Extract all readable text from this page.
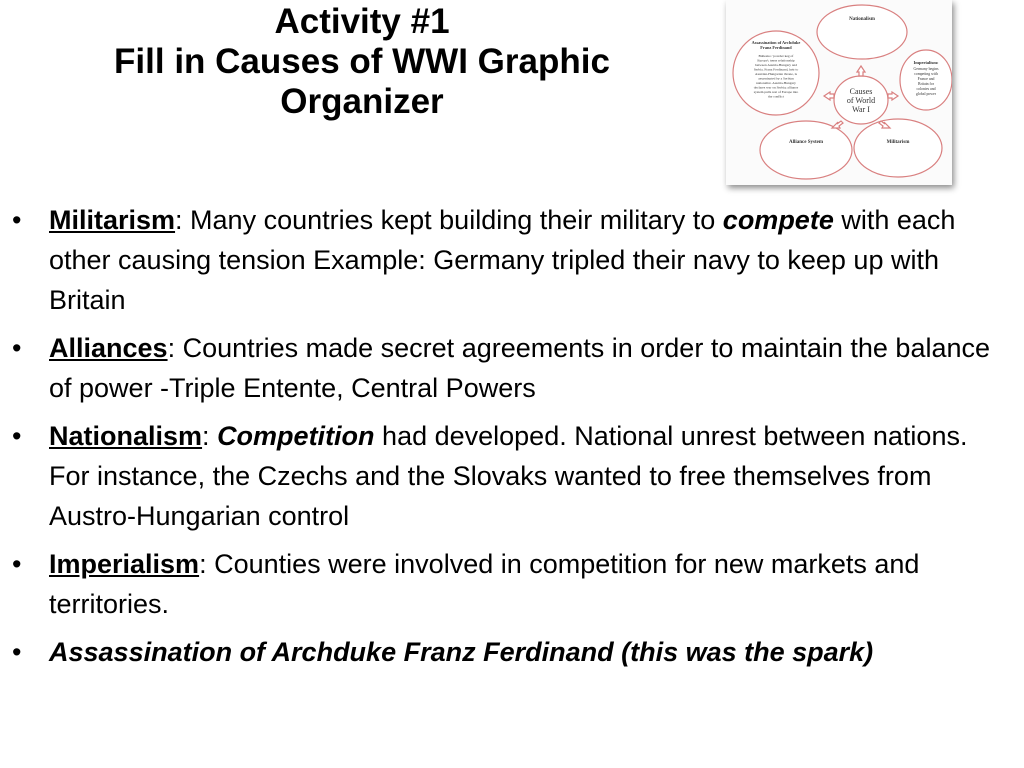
Activity #1
Fill in Causes of WWI Graphic
Organizer	Causes
of World
War I
Nationalism
Assassination of Archduke
Franz Ferdinand
Balkans= 'powder keg of
Europe'; tense relationship
between Austria-Hungary and
Serbia. Franz Ferdinand, heir to
Austrian-Hungarian throne, is
assassinated by a Serbian
nationalist. Austria-Hungary
declares war on Serbia; alliance
system pulls rest of Europe into
the conflict
Imperialism:
Germany begins
competing with
France and
Britain for
colonies and
global power
Alliance System	Militarism
•	Militarism: Many countries kept building their military to compete with each other causing tension Example: Germany tripled their navy to keep up with Britain
•	Alliances: Countries made secret agreements in order to maintain the balance of power -Triple Entente, Central Powers
•	Nationalism: Competition had developed. National unrest between nations. For instance, the Czechs and the Slovaks wanted to free themselves from Austro-Hungarian control
•	Imperialism: Counties were involved in competition for new markets and territories.
•	Assassination of Archduke Franz Ferdinand (this was the spark)
